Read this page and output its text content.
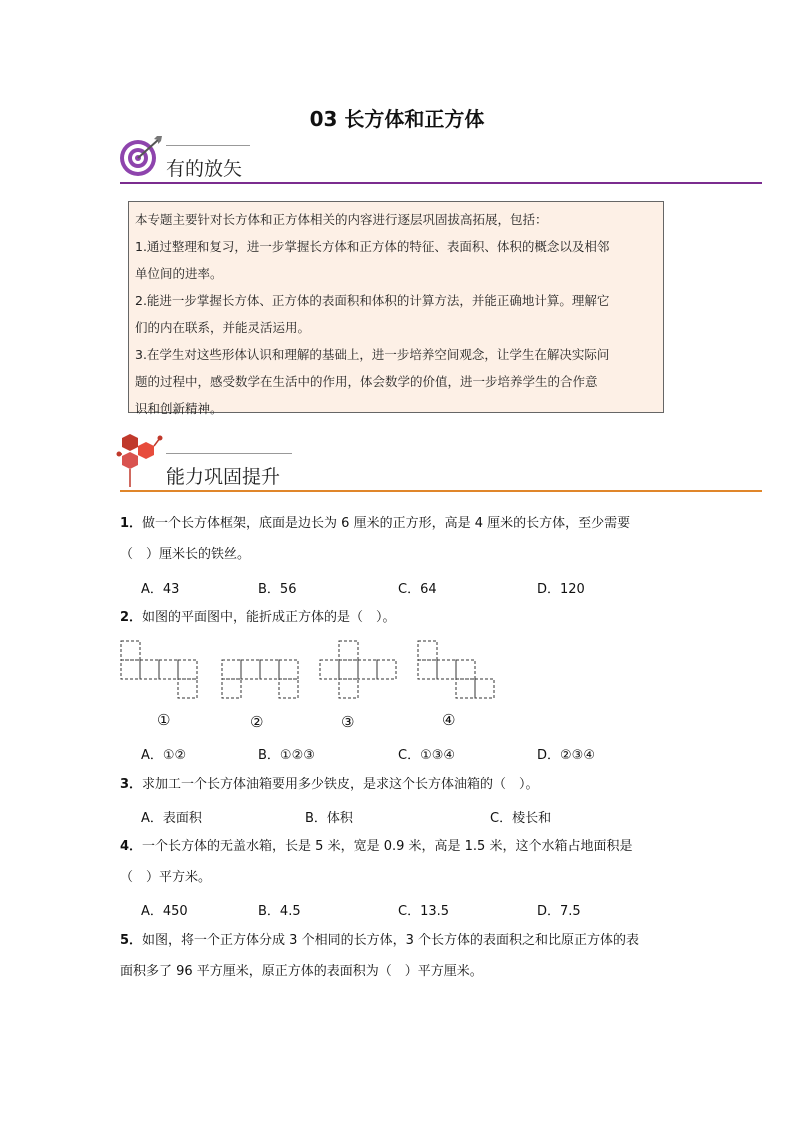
03 长方体和正方体
有的放矢

本专题主要针对长方体和正方体相关的内容进行逐层巩固拔高拓展，包括：

1.通过整理和复习，进一步掌握长方体和正方体的特征、表面积、体积的概念以及相邻

单位间的进率。

2.能进一步掌握长方体、正方体的表面积和体积的计算方法，并能正确地计算。理解它

们的内在联系，并能灵活运用。

3.在学生对这些形体认识和理解的基础上，进一步培养空间观念，让学生在解决实际问

题的过程中，感受数学在生活中的作用，体会数学的价值，进一步培养学生的合作意

识和创新精神。

能力巩固提升
1．做一个长方体框架，底面是边长为 6 厘米的正方形，高是 4 厘米的长方体，至少需要
（　）厘米长的铁丝。
A．43	B．56	C．64	D．120
2．如图的平面图中，能折成正方体的是（　）。
①	②	③	④
A．①②	B．①②③	C．①③④	D．②③④
3．求加工一个长方体油箱要用多少铁皮，是求这个长方体油箱的（　）。
A．表面积	B．体积	C．棱长和
4．一个长方体的无盖水箱，长是 5 米，宽是 0.9 米，高是 1.5 米，这个水箱占地面积是
（　）平方米。
A．450	B．4.5	C．13.5	D．7.5
5．如图，将一个正方体分成 3 个相同的长方体，3 个长方体的表面积之和比原正方体的表
面积多了 96 平方厘米，原正方体的表面积为（　）平方厘米。
